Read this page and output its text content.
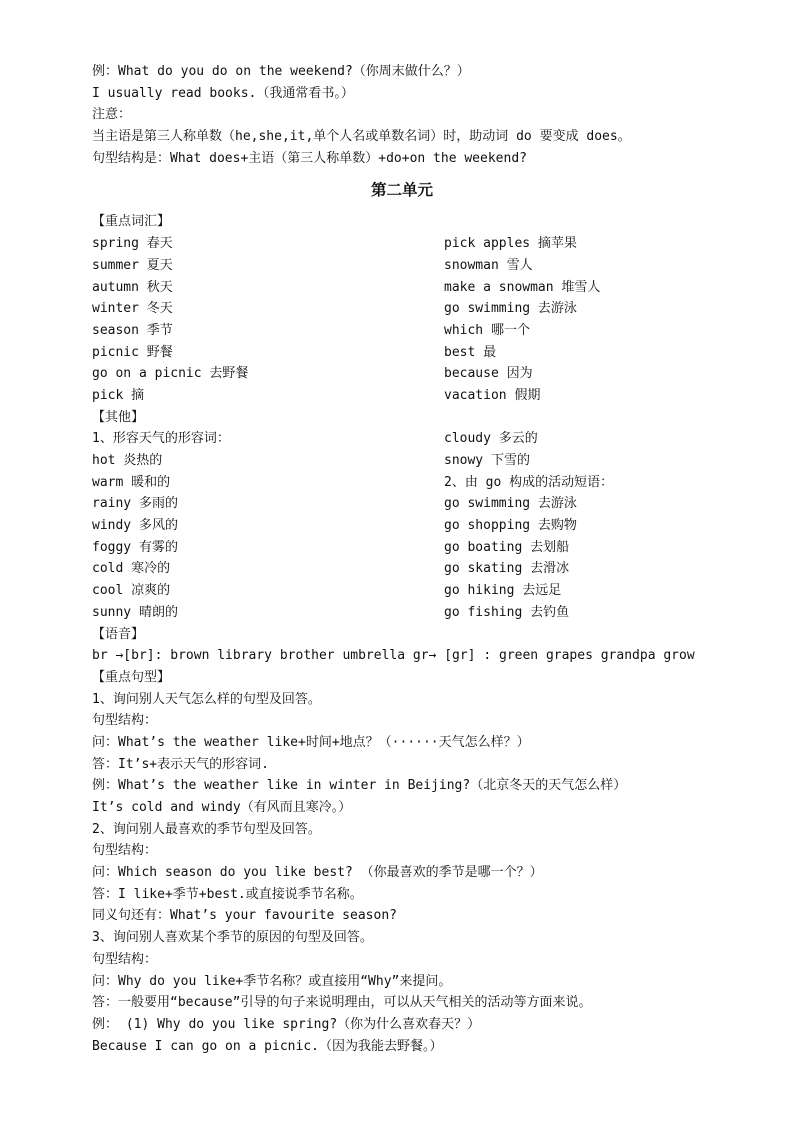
例：What do you do on the weekend?（你周末做什么？）
I usually read books.（我通常看书。）
注意：
当主语是第三人称单数（he,she,it,单个人名或单数名词）时，助动词 do 要变成 does。
句型结构是：What does+主语（第三人称单数）+do+on the weekend?
第二单元
【重点词汇】
spring 春天	pick apples 摘苹果
summer 夏天	snowman 雪人
autumn 秋天	make a snowman 堆雪人
winter 冬天	go swimming 去游泳
season 季节	which 哪一个
picnic 野餐	best 最
go on a picnic 去野餐	because 因为
pick 摘	vacation 假期
【其他】
1、形容天气的形容词：	cloudy 多云的
hot 炎热的	snowy 下雪的
warm 暖和的	2、由 go 构成的活动短语：
rainy 多雨的	go swimming 去游泳
windy 多风的	go shopping 去购物
foggy 有雾的	go boating 去划船
cold 寒冷的	go skating 去滑冰
cool 凉爽的	go hiking 去远足
sunny 晴朗的	go fishing 去钓鱼
【语音】
br →[br]: brown library brother umbrella gr→ [gr] : green grapes grandpa grow
【重点句型】
1、询问别人天气怎么样的句型及回答。
句型结构：
问：What’s the weather like+时间+地点？（······天气怎么样？）
答：It’s+表示天气的形容词.
例：What’s the weather like in winter in Beijing?（北京冬天的天气怎么样）
It’s cold and windy（有风而且寒冷。）
2、询问别人最喜欢的季节句型及回答。
句型结构：
问：Which season do you like best? （你最喜欢的季节是哪一个？）
答：I like+季节+best.或直接说季节名称。
同义句还有：What’s your favourite season?
3、询问别人喜欢某个季节的原因的句型及回答。
句型结构：
问：Why do you like+季节名称？或直接用“Why”来提问。
答：一般要用“because”引导的句子来说明理由，可以从天气相关的活动等方面来说。
例： (1) Why do you like spring?（你为什么喜欢春天？）
Because I can go on a picnic.（因为我能去野餐。）
